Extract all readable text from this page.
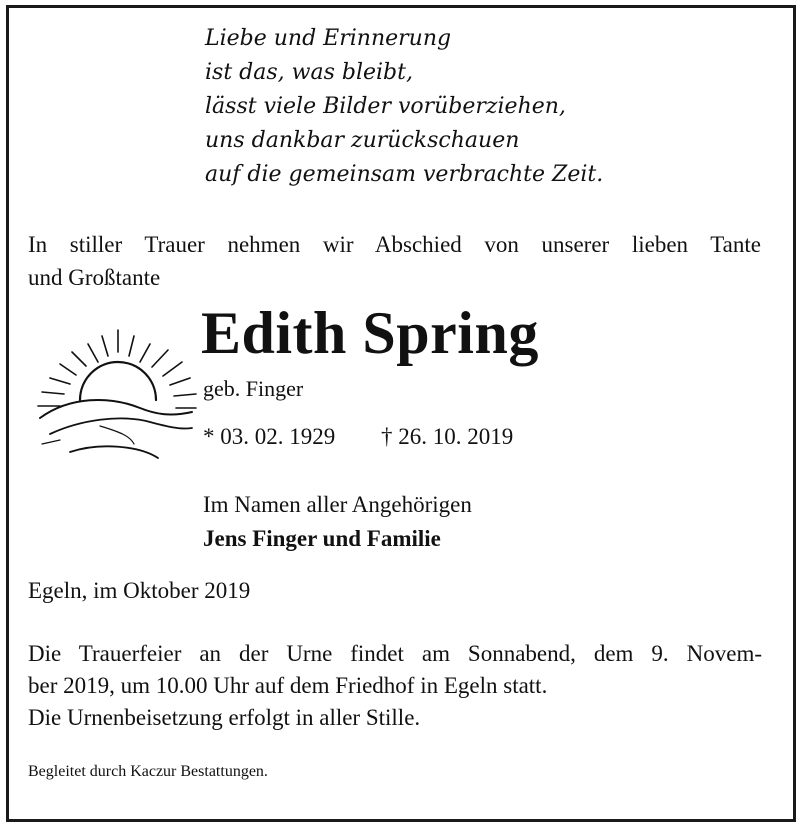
Liebe und Erinnerung
ist das, was bleibt,
lässt viele Bilder vorüberziehen,
uns dankbar zurückschauen
auf die gemeinsam verbrachte Zeit.
In stiller Trauer nehmen wir Abschied von unserer lieben Tante
und Großtante
Edith Spring
geb. Finger
* 03. 02. 1929 † 26. 10. 2019
Im Namen aller Angehörigen
Jens Finger und Familie
Egeln, im Oktober 2019
Die Trauerfeier an der Urne findet am Sonnabend, dem 9. Novem-
ber 2019, um 10.00 Uhr auf dem Friedhof in Egeln statt.
Die Urnenbeisetzung erfolgt in aller Stille.
Begleitet durch Kaczur Bestattungen.
